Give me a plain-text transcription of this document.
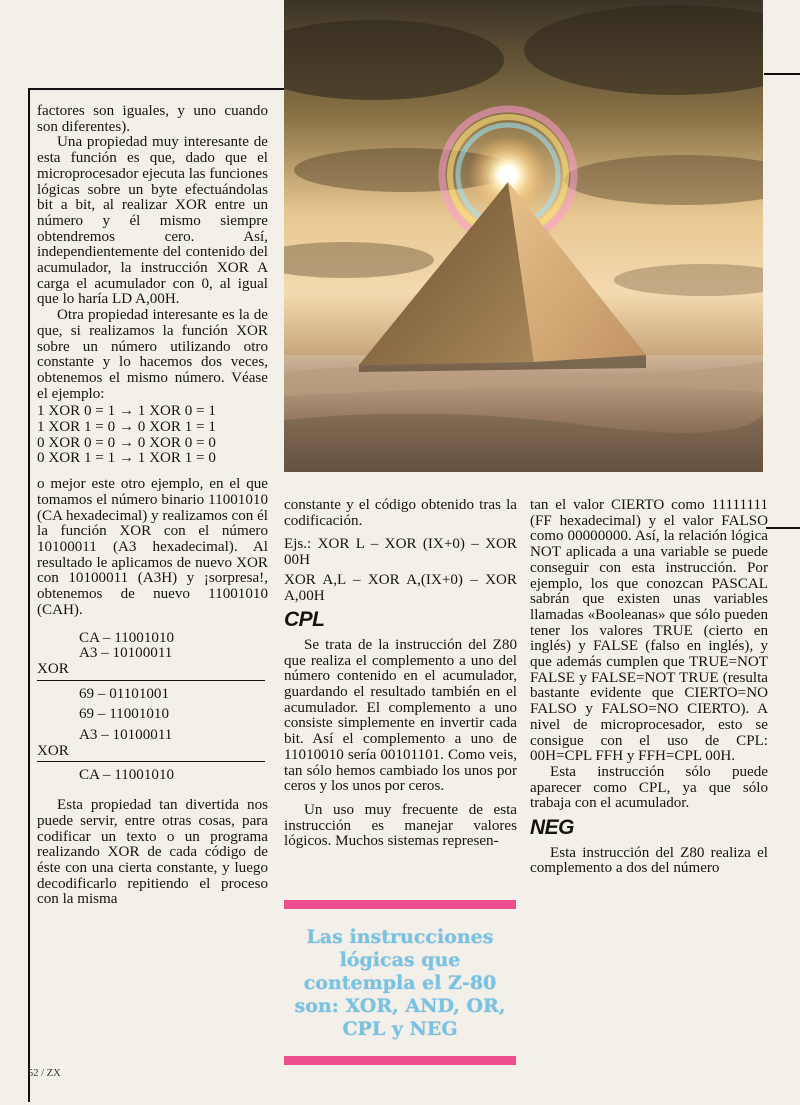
factores son iguales, y uno cuando son diferentes).

Una propiedad muy interesante de esta función es que, dado que el microprocesador ejecuta las funciones lógicas sobre un byte efectuándolas bit a bit, al realizar XOR entre un número y él mismo siempre obtendremos cero. Así, independientemente del contenido del acumulador, la instrucción XOR A carga el acumulador con 0, al igual que lo haría LD A,00H.

Otra propiedad interesante es la de que, si realizamos la función XOR sobre un número utilizando otro constante y lo hacemos dos veces, obtenemos el mismo número. Véase el ejemplo:

1 XOR 0 = 1 → 1 XOR 0 = 1
1 XOR 1 = 0 → 0 XOR 1 = 1
0 XOR 0 = 0 → 0 XOR 0 = 0
0 XOR 1 = 1 → 1 XOR 1 = 0

o mejor este otro ejemplo, en el que tomamos el número binario 11001010 (CA hexadecimal) y realizamos con él la función XOR con el número 10100011 (A3 hexadecimal). Al resultado le aplicamos de nuevo XOR con 10100011 (A3H) y ¡sorpresa!, obtenemos de nuevo 11001010 (CAH).

CA – 11001010

A3 – 10100011

XOR

69 – 01101001

69 – 11001010

A3 – 10100011

XOR

CA – 11001010

Esta propiedad tan divertida nos puede servir, entre otras cosas, para codificar un texto o un programa realizando XOR de cada código de éste con una cierta constante, y luego decodificarlo repitiendo el proceso con la misma

constante y el código obtenido tras la codificación.

Ejs.: XOR L – XOR (IX+0) – XOR 00H

XOR A,L – XOR A,(IX+0) – XOR A,00H

CPL

Se trata de la instrucción del Z80 que realiza el complemento a uno del número contenido en el acumulador, guardando el resultado también en el acumulador. El complemento a uno consiste simplemente en invertir cada bit. Así el complemento a uno de 11010010 sería 00101101. Como veis, tan sólo hemos cambiado los unos por ceros y los unos por ceros.

Un uso muy frecuente de esta instrucción es manejar valores lógicos. Muchos sistemas represen-

tan el valor CIERTO como 11111111 (FF hexadecimal) y el valor FALSO como 00000000. Así, la relación lógica NOT aplicada a una variable se puede conseguir con esta instrucción. Por ejemplo, los que conozcan PASCAL sabrán que existen unas variables llamadas «Booleanas» que sólo pueden tener los valores TRUE (cierto en inglés) y FALSE (falso en inglés), y que además cumplen que TRUE=NOT FALSE y FALSE=NOT TRUE (resulta bastante evidente que CIERTO=NO FALSO y FALSO=NO CIERTO). A nivel de microprocesador, esto se consigue con el uso de CPL: 00H=CPL FFH y FFH=CPL 00H.

Esta instrucción sólo puede aparecer como CPL, ya que sólo trabaja con el acumulador.

NEG

Esta instrucción del Z80 realiza el complemento a dos del número

Las instrucciones lógicas que contempla el Z-80 son: XOR, AND, OR, CPL y NEG
52 / ZX
